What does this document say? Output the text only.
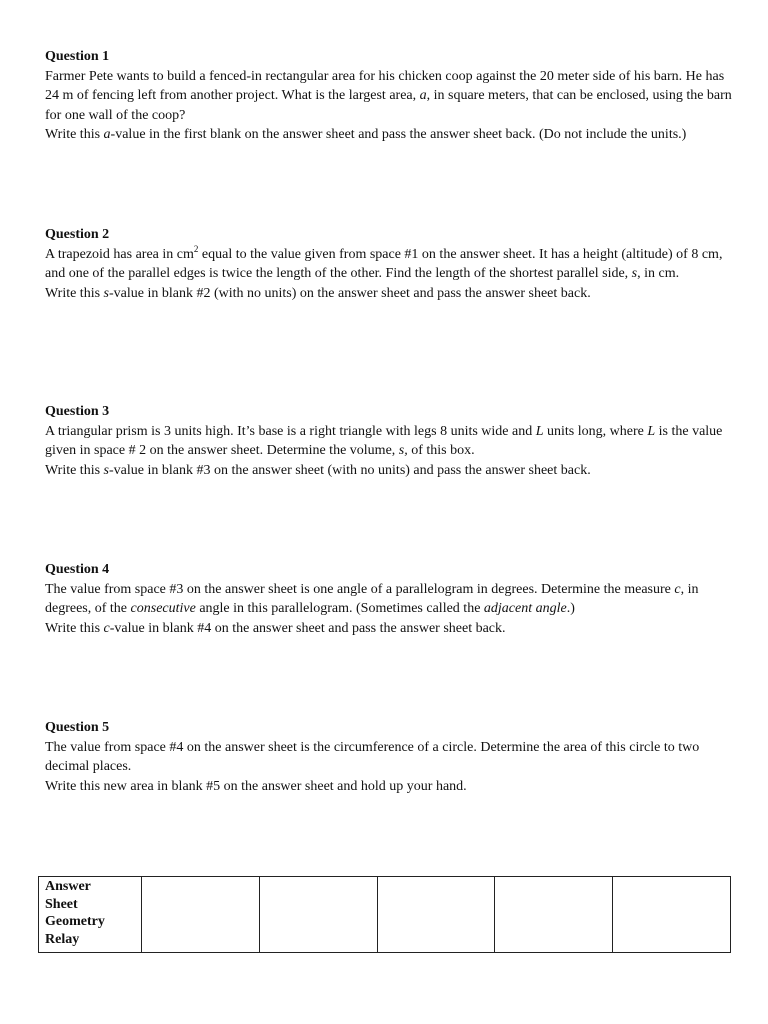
Question 1

Farmer Pete wants to build a fenced-in rectangular area for his chicken coop against the 20 meter side of his barn. He has 24 m of fencing left from another project. What is the largest area, a, in square meters, that can be enclosed, using the barn for one wall of the coop?

Write this a-value in the first blank on the answer sheet and pass the answer sheet back. (Do not include the units.)

Question 2

A trapezoid has area in $cm^2$ equal to the value given from space #1 on the answer sheet. It has a height (altitude) of 8 cm, and one of the parallel edges is twice the length of the other. Find the length of the shortest parallel side, s, in cm.

Write this s-value in blank #2 (with no units) on the answer sheet and pass the answer sheet back.

Question 3

A triangular prism is 3 units high. It’s base is a right triangle with legs 8 units wide and L units long, where L is the value given in space # 2 on the answer sheet. Determine the volume, s, of this box.

Write this s-value in blank #3 on the answer sheet (with no units) and pass the answer sheet back.

Question 4

The value from space #3 on the answer sheet is one angle of a parallelogram in degrees. Determine the measure c, in degrees, of the consecutive angle in this parallelogram. (Sometimes called the adjacent angle.)

Write this c-value in blank #4 on the answer sheet and pass the answer sheet back.

Question 5

The value from space #4 on the answer sheet is the circumference of a circle. Determine the area of this circle to two decimal places.

Write this new area in blank #5 on the answer sheet and hold up your hand.

Answer
Sheet
Geometry
Relay
